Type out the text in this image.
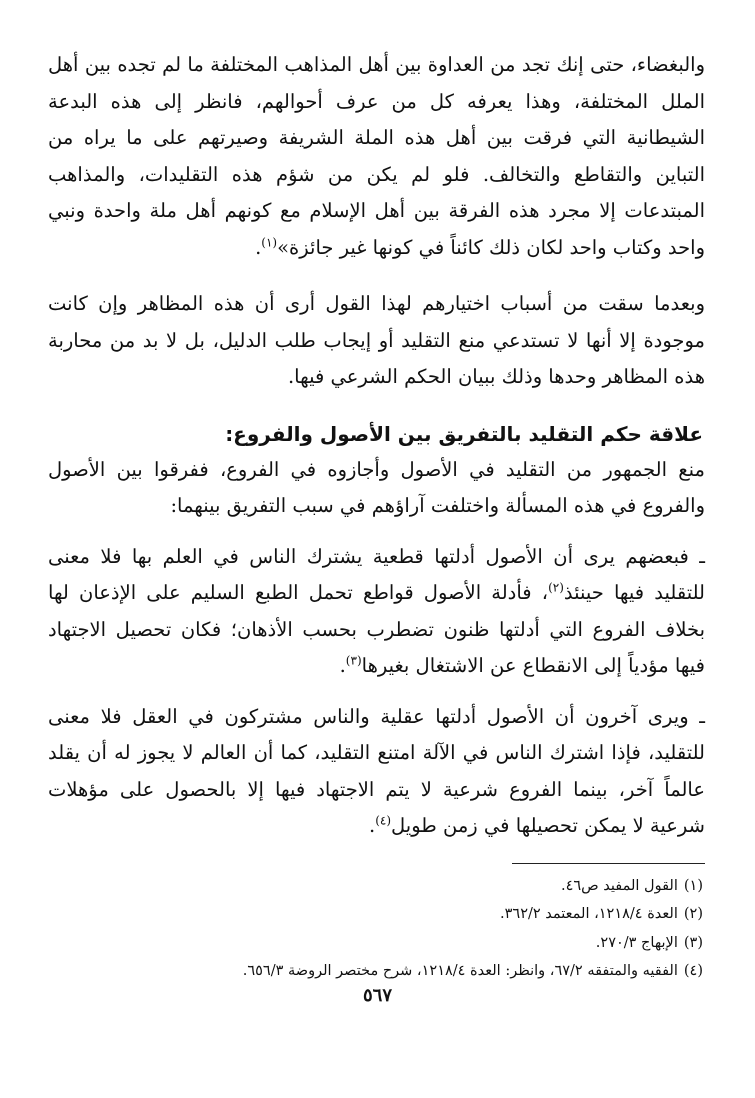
والبغضاء، حتى إنك تجد من العداوة بين أهل المذاهب المختلفة ما لم تجده بين أهل الملل المختلفة، وهذا يعرفه كل من عرف أحوالهم، فانظر إلى هذه البدعة الشيطانية التي فرقت بين أهل هذه الملة الشريفة وصيرتهم على ما يراه من التباين والتقاطع والتخالف. فلو لم يكن من شؤم هذه التقليدات، والمذاهب المبتدعات إلا مجرد هذه الفرقة بين أهل الإسلام مع كونهم أهل ملة واحدة ونبي واحد وكتاب واحد لكان ذلك كائناً في كونها غير جائزة»$^{(١)}$.

وبعدما سقت من أسباب اختيارهم لهذا القول أرى أن هذه المظاهر وإن كانت موجودة إلا أنها لا تستدعي منع التقليد أو إيجاب طلب الدليل، بل لا بد من محاربة هذه المظاهر وحدها وذلك ببيان الحكم الشرعي فيها.

علاقة حكم التقليد بالتفريق بين الأصول والفروع:

منع الجمهور من التقليد في الأصول وأجازوه في الفروع، ففرقوا بين الأصول والفروع في هذه المسألة واختلفت آراؤهم في سبب التفريق بينهما:

ـ فبعضهم يرى أن الأصول أدلتها قطعية يشترك الناس في العلم بها فلا معنى للتقليد فيها حينئذ$^{(٢)}$، فأدلة الأصول قواطع تحمل الطبع السليم على الإذعان لها بخلاف الفروع التي أدلتها ظنون تضطرب بحسب الأذهان؛ فكان تحصيل الاجتهاد فيها مؤدياً إلى الانقطاع عن الاشتغال بغيرها$^{(٣)}$.

ـ ويرى آخرون أن الأصول أدلتها عقلية والناس مشتركون في العقل فلا معنى للتقليد، فإذا اشترك الناس في الآلة امتنع التقليد، كما أن العالم لا يجوز له أن يقلد عالماً آخر، بينما الفروع شرعية لا يتم الاجتهاد فيها إلا بالحصول على مؤهلات شرعية لا يمكن تحصيلها في زمن طويل$^{(٤)}$.

(١)القول المفيد ص٤٦.

(٢)العدة ١٢١٨/٤، المعتمد ٣٦٢/٢.

(٣)الإبهاج ٢٧٠/٣.

(٤)الفقيه والمتفقه ٦٧/٢، وانظر: العدة ١٢١٨/٤، شرح مختصر الروضة ٦٥٦/٣.

٥٦٧
